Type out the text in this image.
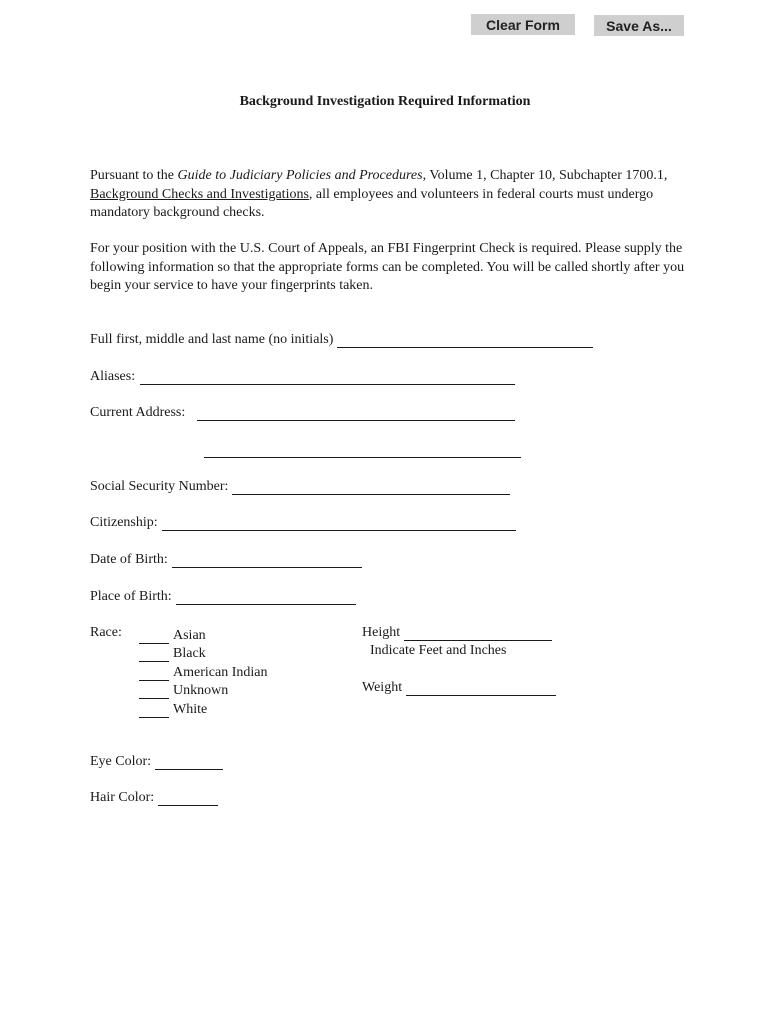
Clear Form	Save As...
Background Investigation Required Information
Pursuant to the Guide to Judiciary Policies and Procedures, Volume 1, Chapter 10, Subchapter 1700.1, Background Checks and Investigations, all employees and volunteers in federal courts must undergo mandatory background checks.
For your position with the U.S. Court of Appeals, an FBI Fingerprint Check is required. Please supply the following information so that the appropriate forms can be completed. You will be called shortly after you begin your service to have your fingerprints taken.
Full first, middle and last name (no initials)
Aliases:
Current Address:
Social Security Number:
Citizenship:
Date of Birth:
Place of Birth:
Race:	Asian
Black
American Indian
Unknown
White
Height
Indicate Feet and Inches
Weight
Eye Color:
Hair Color:
